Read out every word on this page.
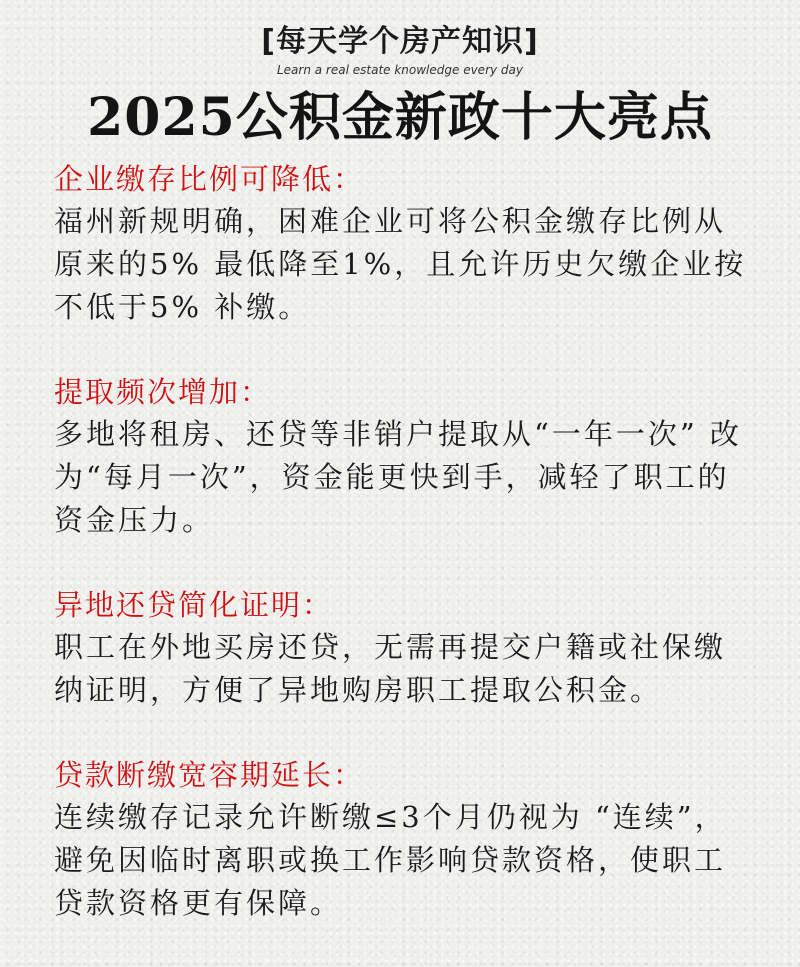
[每天学个房产知识]
Learn a real estate knowledge every day
2025公积金新政十大亮点
企业缴存比例可降低：
福州新规明确，困难企业可将公积金缴存比例从原来的5% 最低降至1%，且允许历史欠缴企业按不低于5% 补缴。
提取频次增加：
多地将租房、还贷等非销户提取从“一年一次” 改为“每月一次”，资金能更快到手，减轻了职工的资金压力。
异地还贷简化证明：
职工在外地买房还贷，无需再提交户籍或社保缴纳证明，方便了异地购房职工提取公积金。
贷款断缴宽容期延长：
连续缴存记录允许断缴≤3个月仍视为 “连续”，避免因临时离职或换工作影响贷款资格，使职工贷款资格更有保障。
